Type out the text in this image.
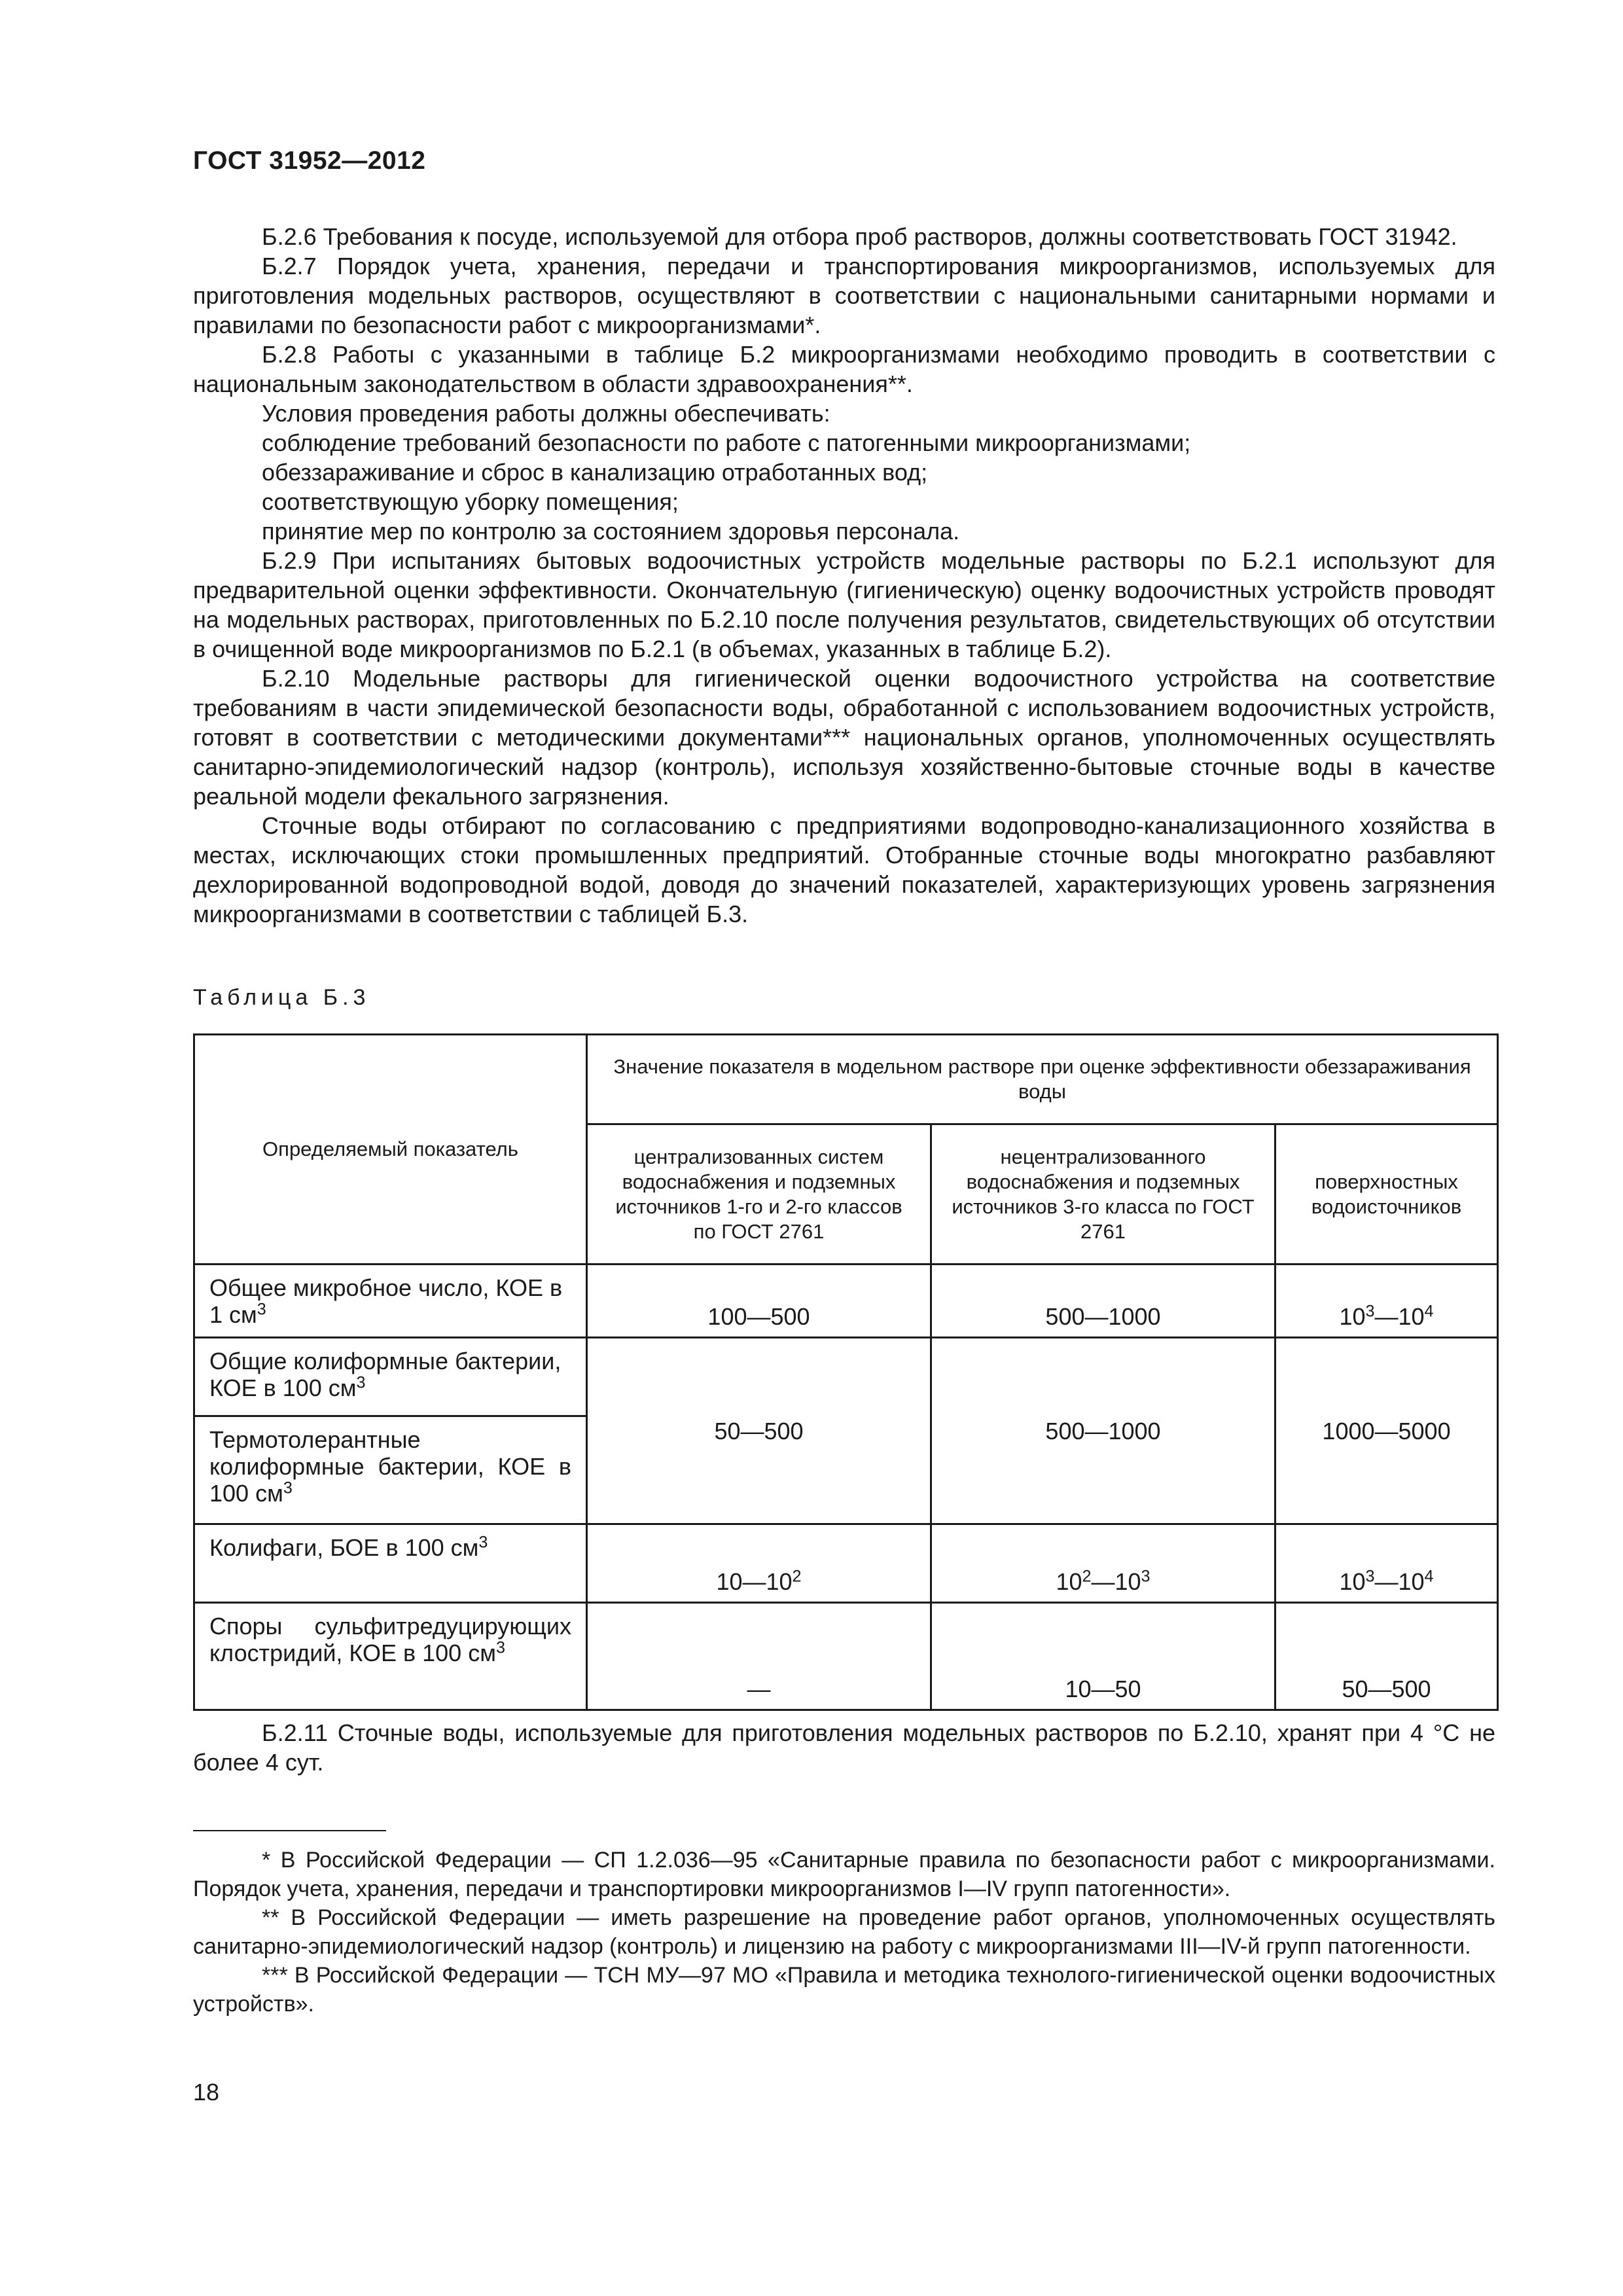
ГОСТ 31952—2012

Б.2.6 Требования к посуде, используемой для отбора проб растворов, должны соответствовать ГОСТ 31942.

Б.2.7 Порядок учета, хранения, передачи и транспортирования микроорганизмов, используемых для приготовления модельных растворов, осуществляют в соответствии с национальными санитарными нормами и правилами по безопасности работ с микроорганизмами*.

Б.2.8 Работы с указанными в таблице Б.2 микроорганизмами необходимо проводить в соответствии с национальным законодательством в области здравоохранения**.

Условия проведения работы должны обеспечивать:

соблюдение требований безопасности по работе с патогенными микроорганизмами;

обеззараживание и сброс в канализацию отработанных вод;

соответствующую уборку помещения;

принятие мер по контролю за состоянием здоровья персонала.

Б.2.9 При испытаниях бытовых водоочистных устройств модельные растворы по Б.2.1 используют для предварительной оценки эффективности. Окончательную (гигиеническую) оценку водоочистных устройств проводят на модельных растворах, приготовленных по Б.2.10 после получения результатов, свидетельствующих об отсутствии в очищенной воде микроорганизмов по Б.2.1 (в объемах, указанных в таблице Б.2).

Б.2.10 Модельные растворы для гигиенической оценки водоочистного устройства на соответствие требованиям в части эпидемической безопасности воды, обработанной с использованием водоочистных устройств, готовят в соответствии с методическими документами*** национальных органов, уполномоченных осуществлять санитарно-эпидемиологический надзор (контроль), используя хозяйственно-бытовые сточные воды в качестве реальной модели фекального загрязнения.

Сточные воды отбирают по согласованию с предприятиями водопроводно-канализационного хозяйства в местах, исключающих стоки промышленных предприятий. Отобранные сточные воды многократно разбавляют дехлорированной водопроводной водой, доводя до значений показателей, характеризующих уровень загрязнения микроорганизмами в соответствии с таблицей Б.3.

Таблица Б.3
Определяемый показатель	Значение показателя в модельном растворе при оценке эффективности обеззараживания воды		
	централизованных систем водоснабжения и подземных источников 1-го и 2-го классов по ГОСТ 2761	нецентрализованного водоснабжения и подземных источников 3-го класса по ГОСТ 2761	поверхностных водоисточников
Общее микробное число, КОЕ в 1 $см^3$	100—500	500—1000	$10^3—10^4$
Общие колиформные бактерии, КОЕ в 100 $см^3$	50—500	500—1000	1000—5000
Термотолерантные колиформные бактерии, КОЕ в 100 $см^3$
Колифаги, БОЕ в 100 $см^3$	$10—10^2$	$10^2—10^3$	$10^3—10^4$
Споры сульфитредуцирующих клостридий, КОЕ в 100 $см^3$	—	10—50	50—500

Б.2.11 Сточные воды, используемые для приготовления модельных растворов по Б.2.10, хранят при 4 °С не более 4 сут.

* В Российской Федерации — СП 1.2.036—95 «Санитарные правила по безопасности работ с микроорганизмами. Порядок учета, хранения, передачи и транспортировки микроорганизмов I—IV групп патогенности».

** В Российской Федерации — иметь разрешение на проведение работ органов, уполномоченных осуществлять санитарно-эпидемиологический надзор (контроль) и лицензию на работу с микроорганизмами III—IV-й групп патогенности.

*** В Российской Федерации — ТСН МУ—97 МО «Правила и методика технолого-гигиенической оценки водоочистных устройств».

18
